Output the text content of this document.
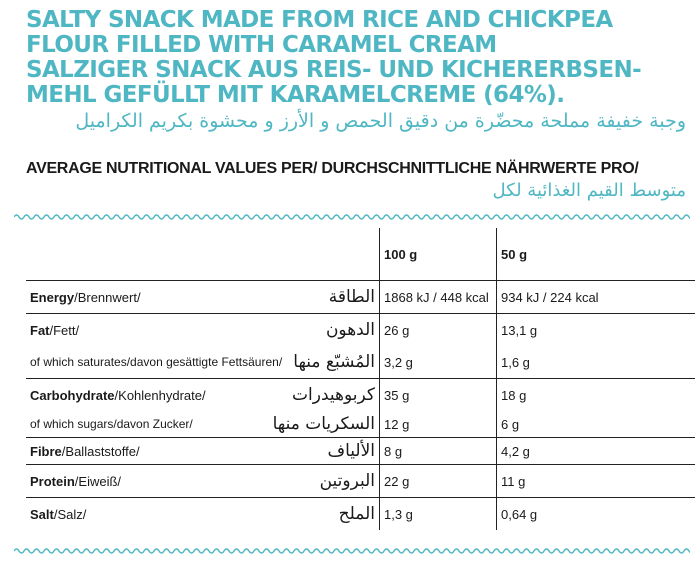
SALTY SNACK MADE FROM RICE AND CHICKPEA
FLOUR FILLED WITH CARAMEL CREAM
SALZIGER SNACK AUS REIS- UND KICHERERBSEN-
MEHL GEFÜLLT MIT KARAMELCREME (64%).
وجبة خفيفة مملحة محضّرة من دقيق الحمص و الأرز و محشوة بكريم الكراميل
AVERAGE NUTRITIONAL VALUES PER/ DURCHSCHNITTLICHE NÄHRWERTE PRO/
متوسط القيم الغذائية لكل
	100 g	50 g

Energy/Brennwert/ الطاقة	1868 kJ / 448 kcal	934 kJ / 224 kcal

Fat/Fett/ الدهون	26 g	13,1 g

of which saturates/davon gesättigte Fettsäuren/ المُشبّع منها	3,2 g	1,6 g

Carbohydrate/Kohlenhydrate/ كربوهيدرات	35 g	18 g

of which sugars/davon Zucker/ السكريات منها	12 g	6 g

Fibre/Ballaststoffe/ الألياف	8 g	4,2 g

Protein/Eiweiß/ البروتين	22 g	11 g

Salt/Salz/ الملح	1,3 g	0,64 g
